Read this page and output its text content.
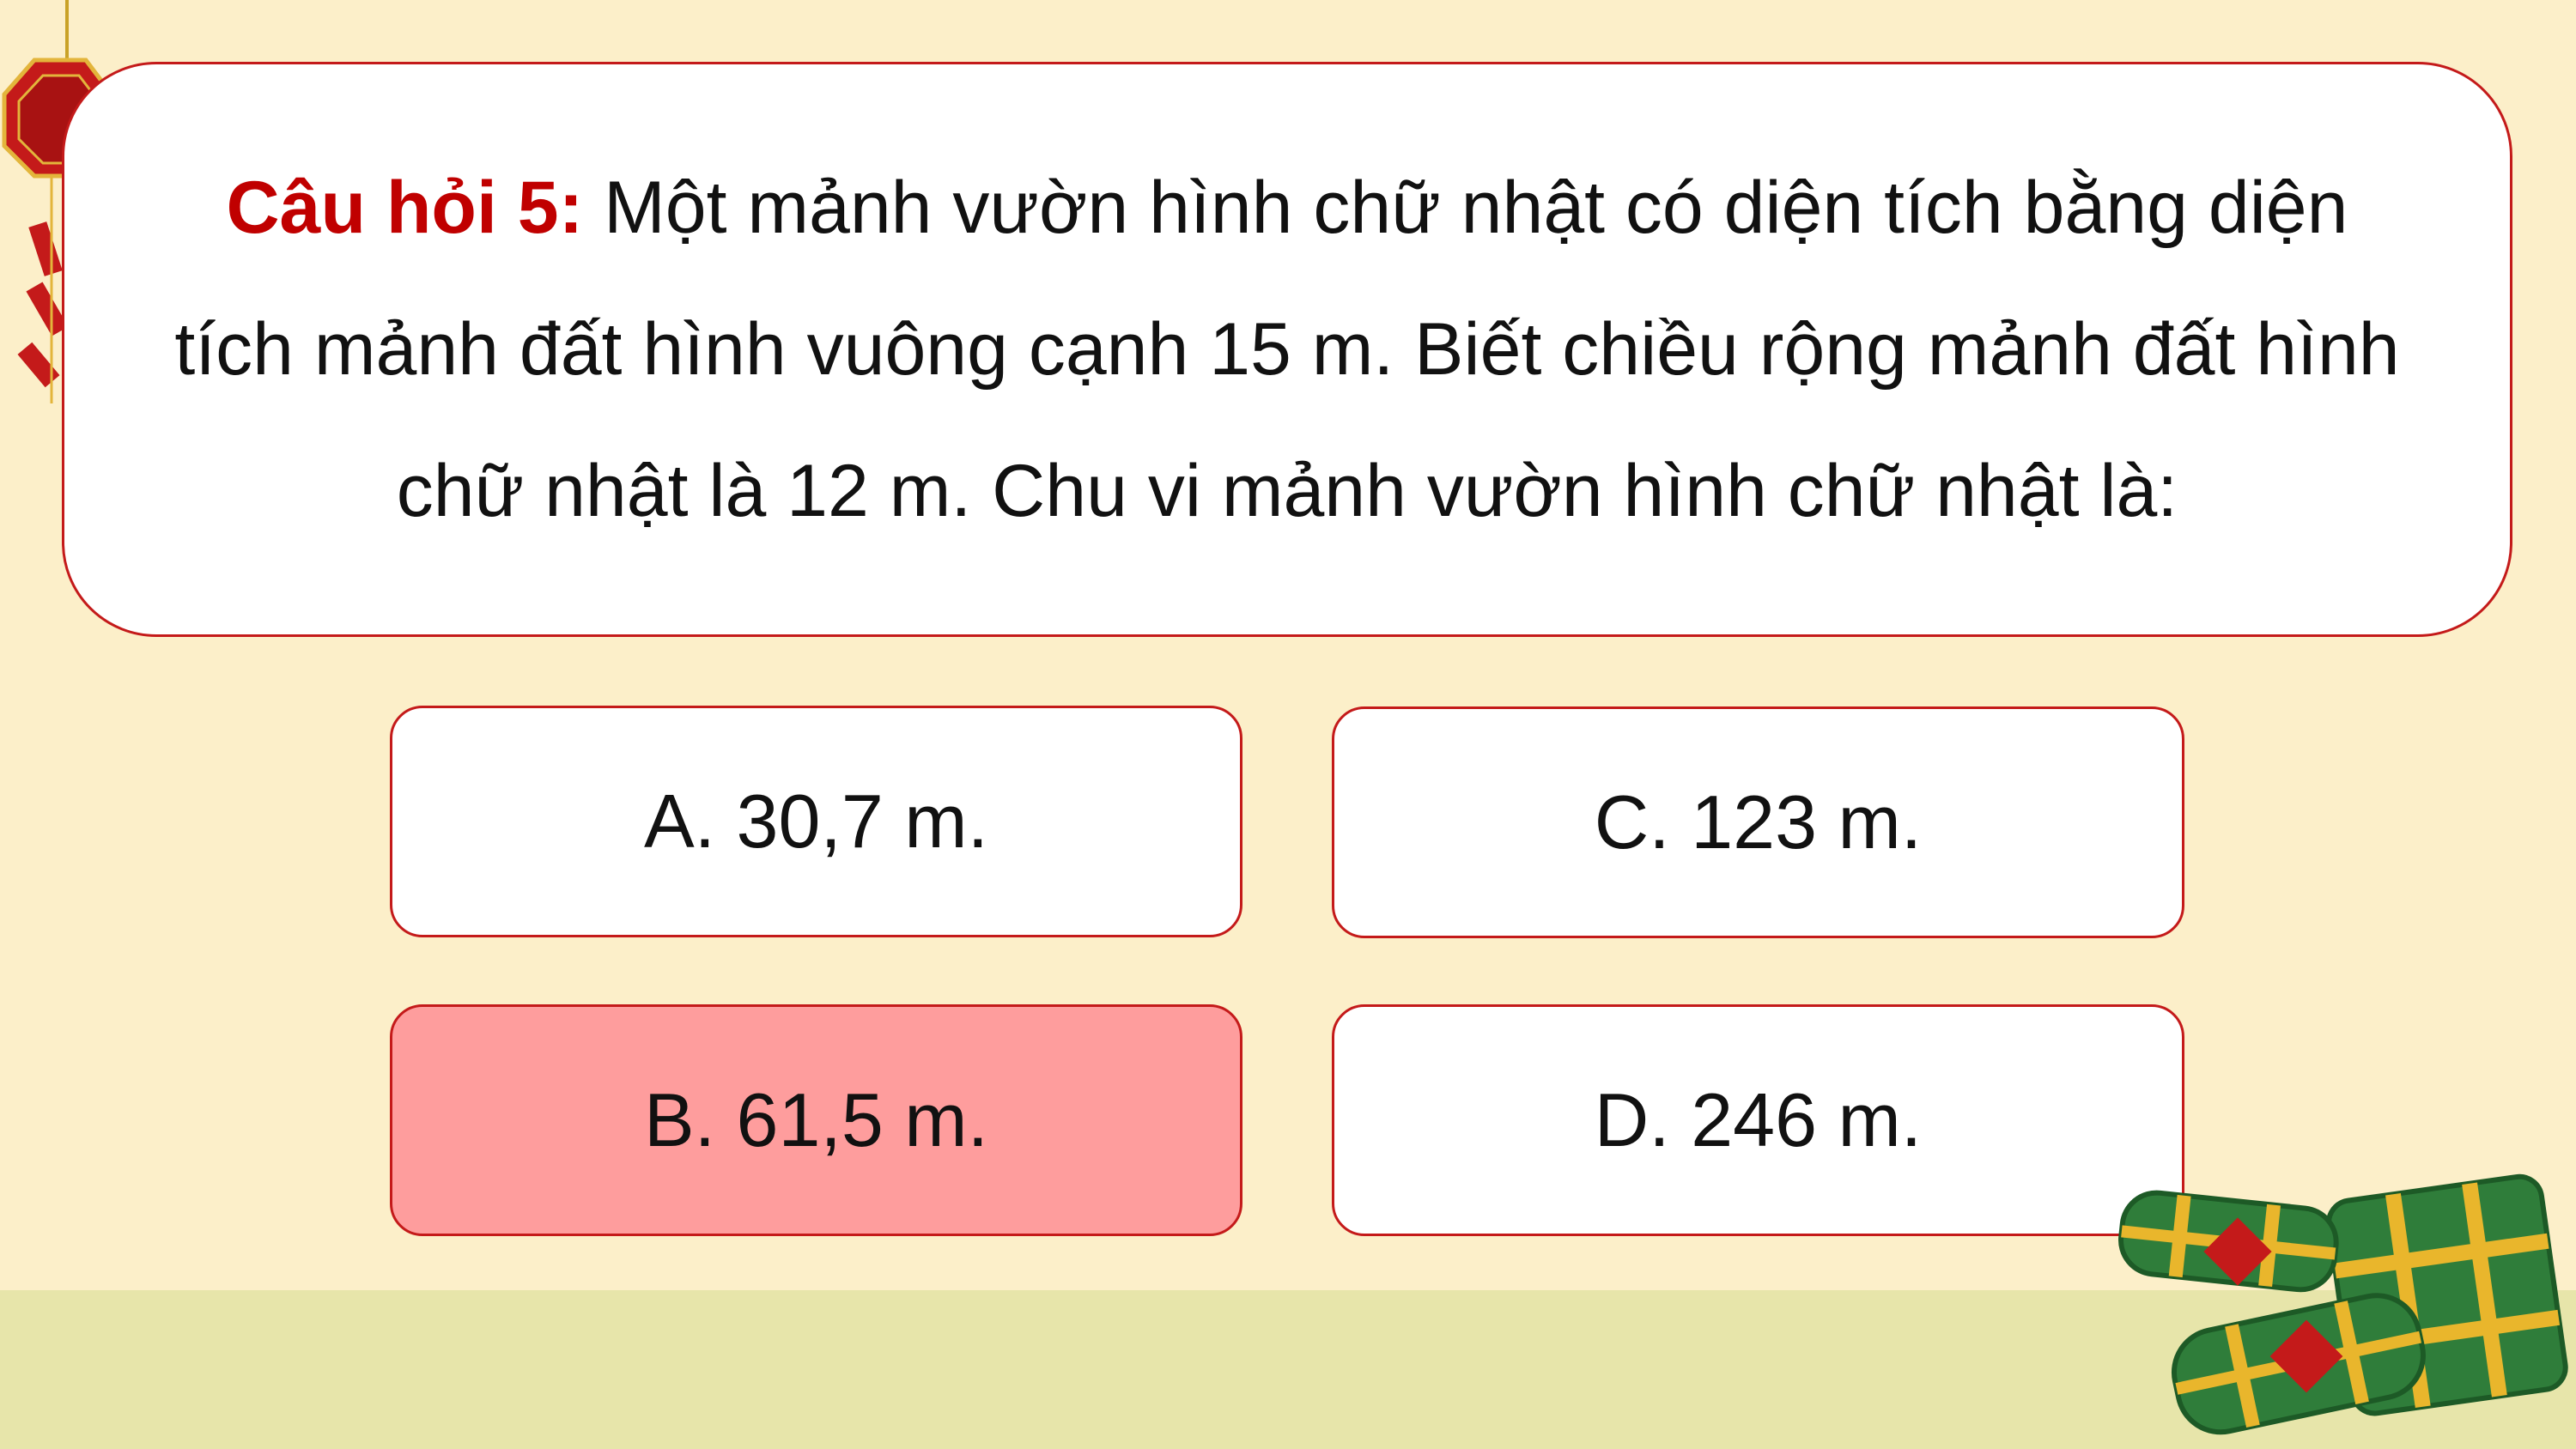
Câu hỏi 5: Một mảnh vườn hình chữ nhật có diện tích bằng diện tích mảnh đất hình vuông cạnh 15 m. Biết chiều rộng mảnh đất hình chữ nhật là 12 m. Chu vi mảnh vườn hình chữ nhật là:

A. 30,7 m.	C. 123 m.
B. 61,5 m.	D. 246 m.
